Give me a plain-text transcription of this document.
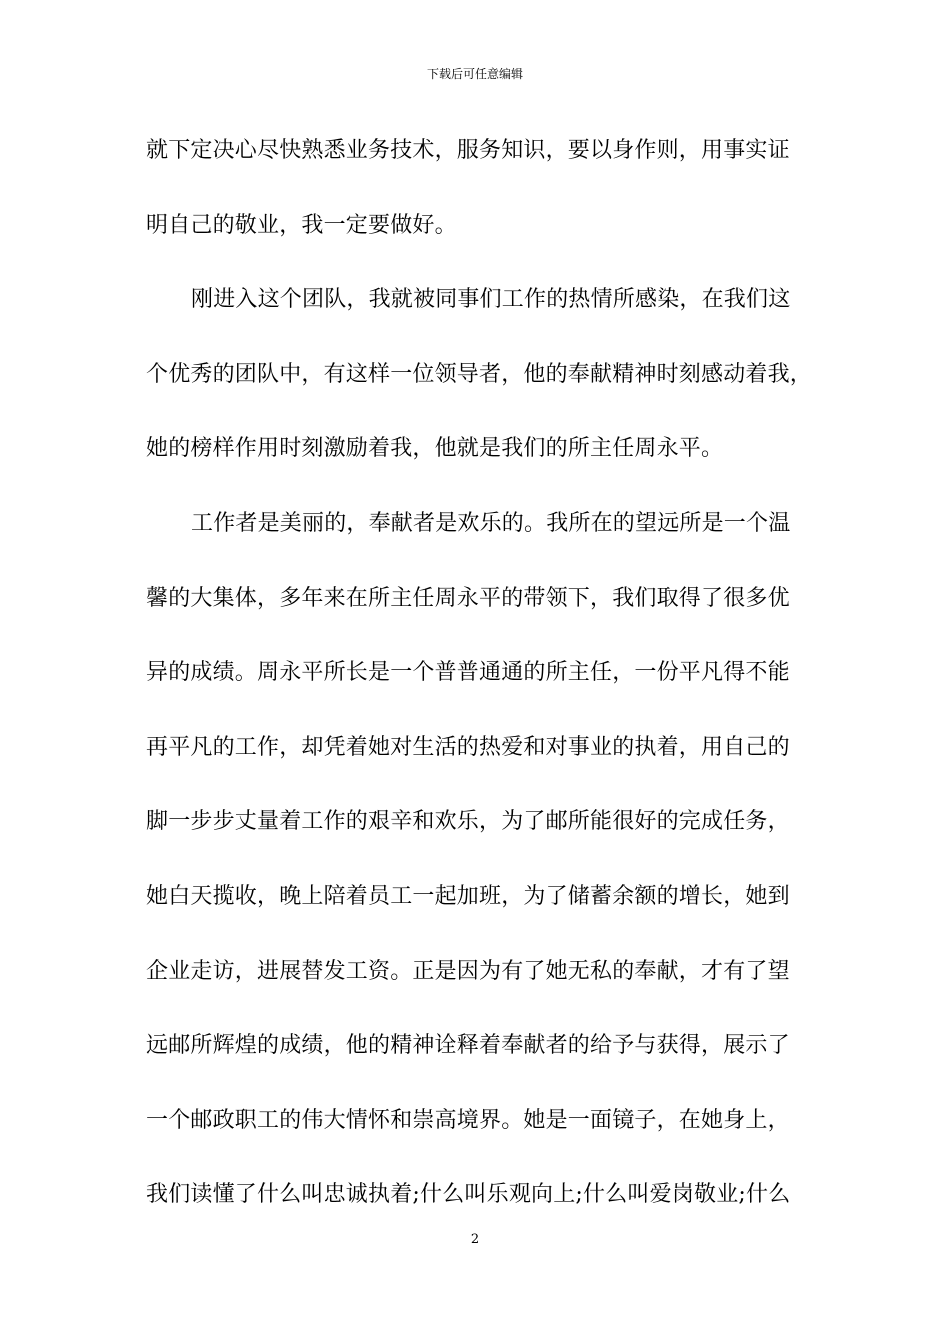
下载后可任意编辑
就下定决心尽快熟悉业务技术，服务知识，要以身作则，用事实证
明自己的敬业，我一定要做好。
刚进入这个团队，我就被同事们工作的热情所感染，在我们这
个优秀的团队中，有这样一位领导者，他的奉献精神时刻感动着我，
她的榜样作用时刻激励着我，他就是我们的所主任周永平。
工作者是美丽的，奉献者是欢乐的。我所在的望远所是一个温
馨的大集体，多年来在所主任周永平的带领下，我们取得了很多优
异的成绩。周永平所长是一个普普通通的所主任，一份平凡得不能
再平凡的工作，却凭着她对生活的热爱和对事业的执着，用自己的
脚一步步丈量着工作的艰辛和欢乐，为了邮所能很好的完成任务，
她白天揽收，晚上陪着员工一起加班，为了储蓄余额的增长，她到
企业走访，进展替发工资。正是因为有了她无私的奉献，才有了望
远邮所辉煌的成绩，他的精神诠释着奉献者的给予与获得，展示了
一个邮政职工的伟大情怀和崇高境界。她是一面镜子，在她身上，
我们读懂了什么叫忠诚执着;什么叫乐观向上;什么叫爱岗敬业;什么
2
